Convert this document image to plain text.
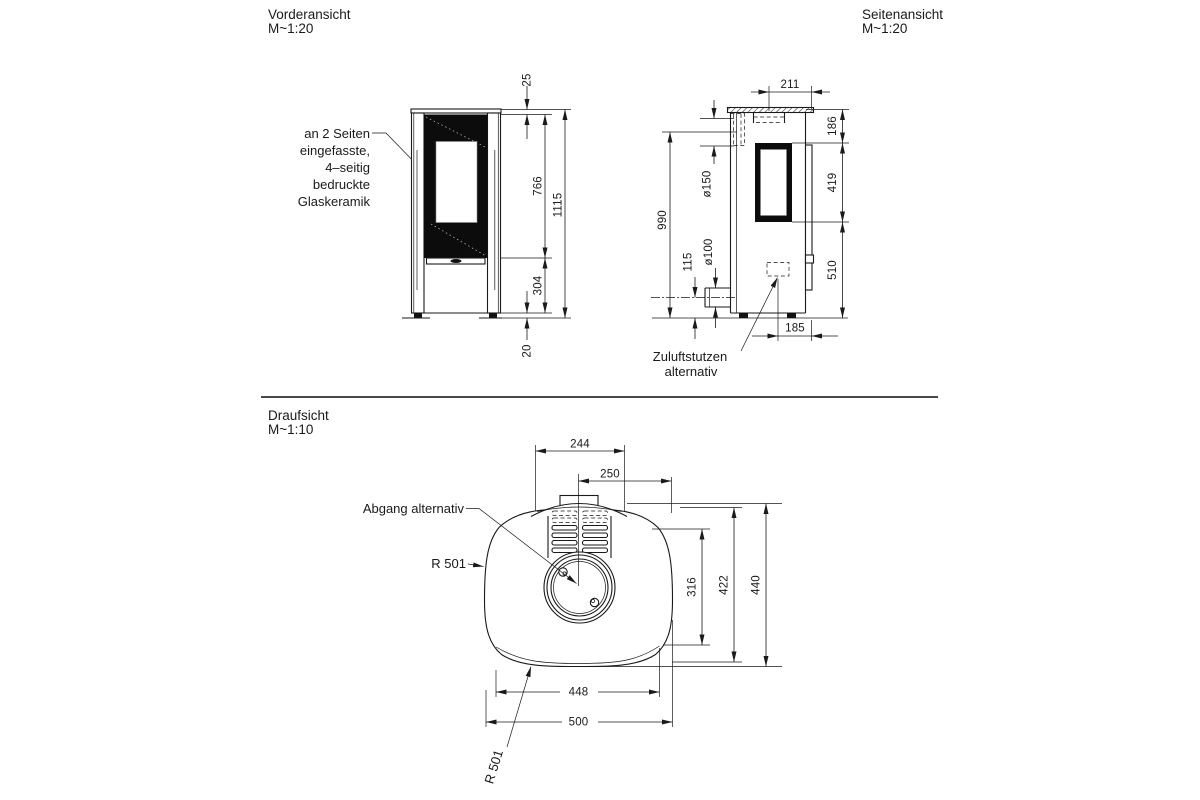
Vorderansicht
M~1:20
an 2 Seiten
eingefasste,
4–seitig
bedruckte
Glaskeramik
25
766
1115
304
20
Seitenansicht
M~1:20
Zuluftstutzen
alternativ
211
186
419
510
ø150
990
115 ø100
185
Draufsicht
M~1:10
Abgang alternativ
R 501
R 501
244
250
316 422 440
448
500
